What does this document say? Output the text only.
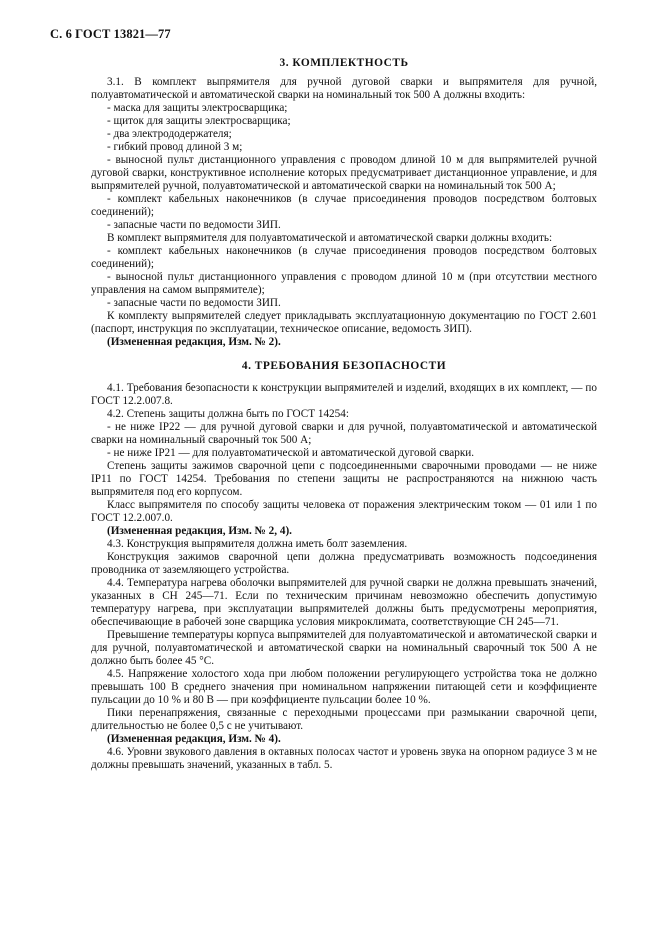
С. 6 ГОСТ 13821—77
3. КОМПЛЕКТНОСТЬ
3.1. В комплект выпрямителя для ручной дуговой сварки и выпрямителя для ручной, полуавтоматической и автоматической сварки на номинальный ток 500 А должны входить:
- маска для защиты электросварщика;
- щиток для защиты электросварщика;
- два электрододержателя;
- гибкий провод длиной 3 м;
- выносной пульт дистанционного управления с проводом длиной 10 м для выпрямителей ручной дуговой сварки, конструктивное исполнение которых предусматривает дистанционное управление, и для выпрямителей ручной, полуавтоматической и автоматической сварки на номинальный ток 500 А;
- комплект кабельных наконечников (в случае присоединения проводов посредством болтовых соединений);
- запасные части по ведомости ЗИП.
В комплект выпрямителя для полуавтоматической и автоматической сварки должны входить:
- комплект кабельных наконечников (в случае присоединения проводов посредством болтовых соединений);
- выносной пульт дистанционного управления с проводом длиной 10 м (при отсутствии местного управления на самом выпрямителе);
- запасные части по ведомости ЗИП.
К комплекту выпрямителей следует прикладывать эксплуатационную документацию по ГОСТ 2.601 (паспорт, инструкция по эксплуатации, техническое описание, ведомость ЗИП).
(Измененная редакция, Изм. № 2).
4. ТРЕБОВАНИЯ БЕЗОПАСНОСТИ
4.1. Требования безопасности к конструкции выпрямителей и изделий, входящих в их комплект, — по ГОСТ 12.2.007.8.
4.2. Степень защиты должна быть по ГОСТ 14254:
- не ниже IP22 — для ручной дуговой сварки и для ручной, полуавтоматической и автоматической сварки на номинальный сварочный ток 500 А;
- не ниже IP21 — для полуавтоматической и автоматической дуговой сварки.
Степень защиты зажимов сварочной цепи с подсоединенными сварочными проводами — не ниже IP11 по ГОСТ 14254. Требования по степени защиты не распространяются на нижнюю часть выпрямителя под его корпусом.
Класс выпрямителя по способу защиты человека от поражения электрическим током — 01 или 1 по ГОСТ 12.2.007.0.
(Измененная редакция, Изм. № 2, 4).
4.3. Конструкция выпрямителя должна иметь болт заземления.
Конструкция зажимов сварочной цепи должна предусматривать возможность подсоединения проводника от заземляющего устройства.
4.4. Температура нагрева оболочки выпрямителей для ручной сварки не должна превышать значений, указанных в СН 245—71. Если по техническим причинам невозможно обеспечить допустимую температуру нагрева, при эксплуатации выпрямителей должны быть предусмотрены мероприятия, обеспечивающие в рабочей зоне сварщика условия микроклимата, соответствующие СН 245—71.
Превышение температуры корпуса выпрямителей для полуавтоматической и автоматической сварки и для ручной, полуавтоматической и автоматической сварки на номинальный сварочный ток 500 А не должно быть более 45 °С.
4.5. Напряжение холостого хода при любом положении регулирующего устройства тока не должно превышать 100 В среднего значения при номинальном напряжении питающей сети и коэффициенте пульсации до 10 % и 80 В — при коэффициенте пульсации более 10 %.
Пики перенапряжения, связанные с переходными процессами при размыкании сварочной цепи, длительностью не более 0,5 с не учитывают.
(Измененная редакция, Изм. № 4).
4.6. Уровни звукового давления в октавных полосах частот и уровень звука на опорном радиусе 3 м не должны превышать значений, указанных в табл. 5.
